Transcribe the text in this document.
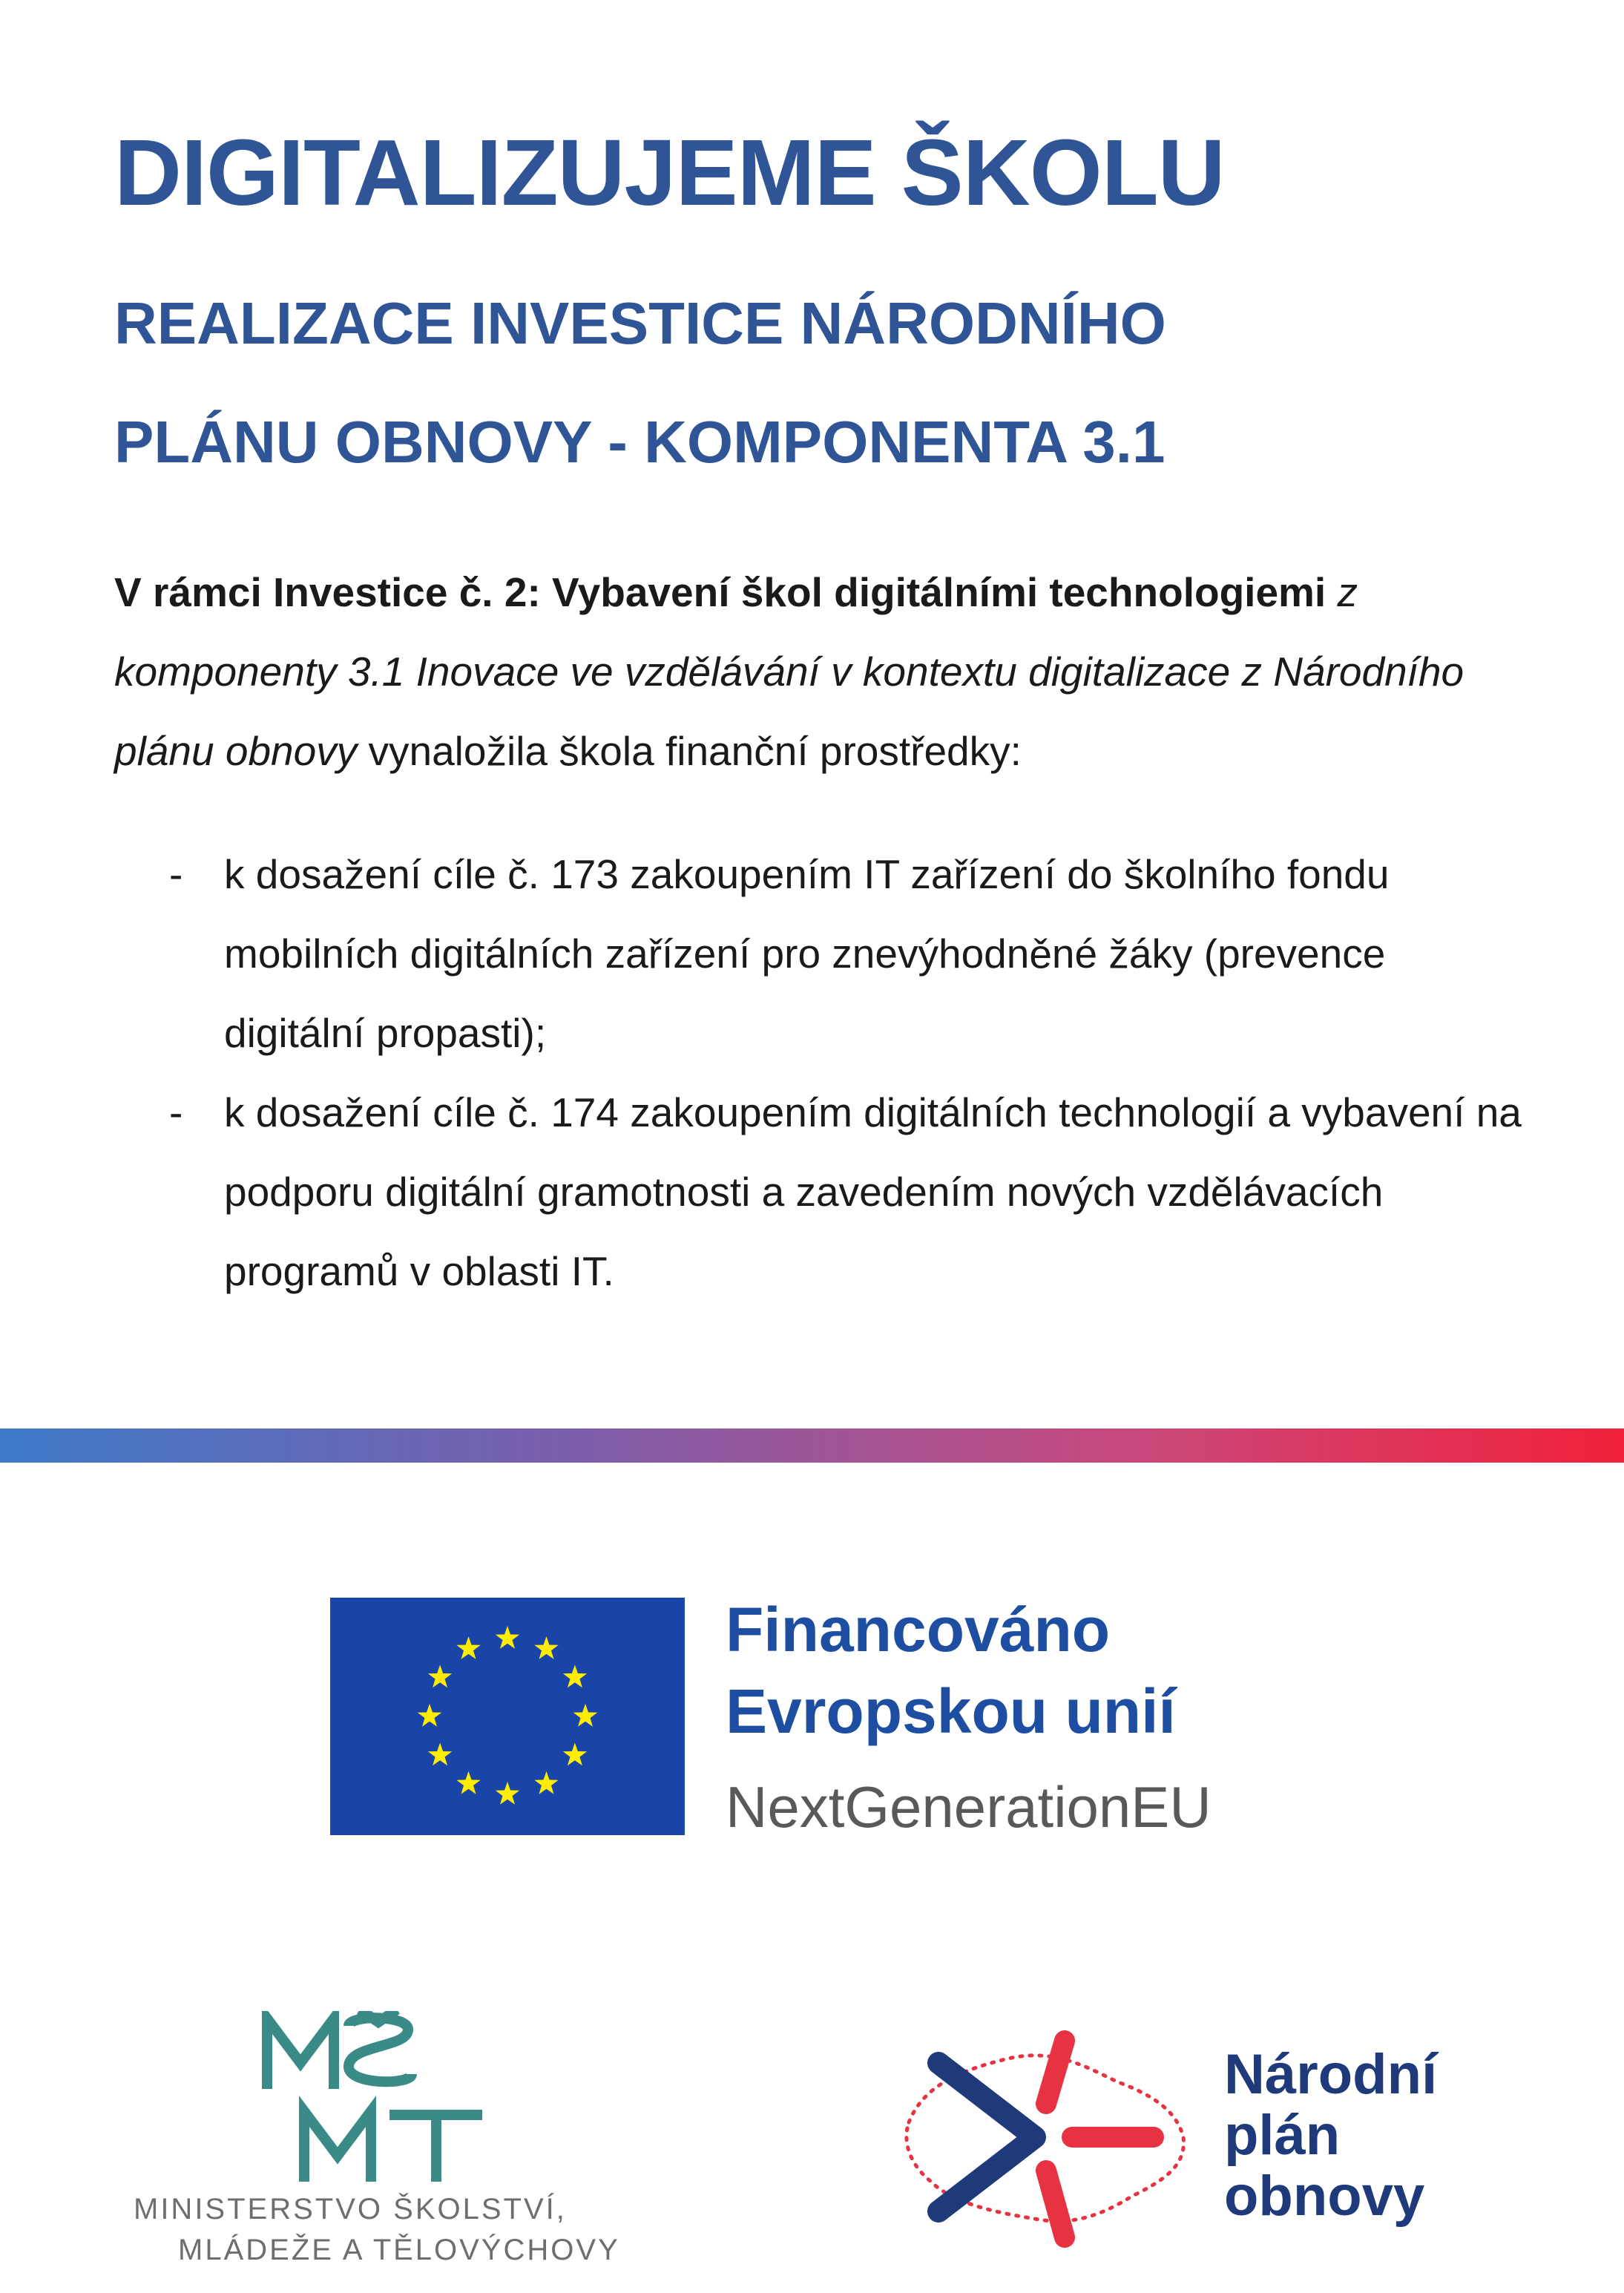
DIGITALIZUJEME ŠKOLU
REALIZACE INVESTICE NÁRODNÍHO
PLÁNU OBNOVY - KOMPONENTA 3.1
V rámci Investice č. 2: Vybavení škol digitálními technologiemi z komponenty 3.1 Inovace ve vzdělávání v kontextu digitalizace z Národního plánu obnovy vynaložila škola finanční prostředky:
- k dosažení cíle č. 173 zakoupením IT zařízení do školního fondu mobilních digitálních zařízení pro znevýhodněné žáky (prevence digitální propasti);
- k dosažení cíle č. 174 zakoupením digitálních technologií a vybavení na podporu digitální gramotnosti a zavedením nových vzdělávacích programů v oblasti IT.
Financováno
Evropskou unií
NextGenerationEU
MINISTERSTVO ŠKOLSTVÍ,
MLÁDEŽE A TĚLOVÝCHOVY
Národní
plán
obnovy
